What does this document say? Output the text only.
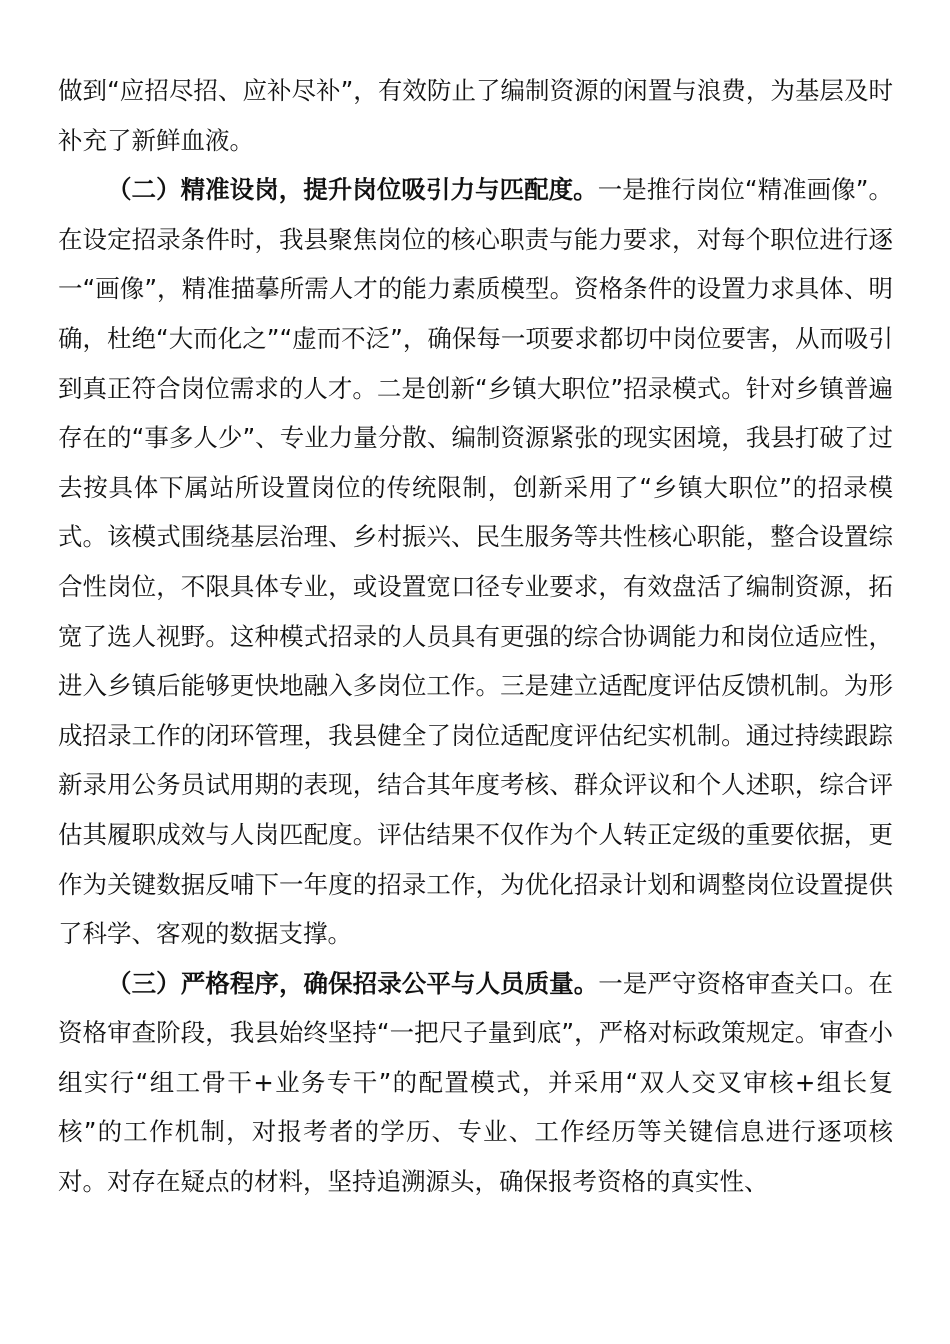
做到“应招尽招、应补尽补”，有效防止了编制资源的闲置与浪费，为基层及时补充了新鲜血液。

（二）精准设岗，提升岗位吸引力与匹配度。一是推行岗位“精准画像”。在设定招录条件时，我县聚焦岗位的核心职责与能力要求，对每个职位进行逐一“画像”，精准描摹所需人才的能力素质模型。资格条件的设置力求具体、明确，杜绝“大而化之”“虚而不泛”，确保每一项要求都切中岗位要害，从而吸引到真正符合岗位需求的人才。二是创新“乡镇大职位”招录模式。针对乡镇普遍存在的“事多人少”、专业力量分散、编制资源紧张的现实困境，我县打破了过去按具体下属站所设置岗位的传统限制，创新采用了“乡镇大职位”的招录模式。该模式围绕基层治理、乡村振兴、民生服务等共性核心职能，整合设置综合性岗位，不限具体专业，或设置宽口径专业要求，有效盘活了编制资源，拓宽了选人视野。这种模式招录的人员具有更强的综合协调能力和岗位适应性，进入乡镇后能够更快地融入多岗位工作。三是建立适配度评估反馈机制。为形成招录工作的闭环管理，我县健全了岗位适配度评估纪实机制。通过持续跟踪新录用公务员试用期的表现，结合其年度考核、群众评议和个人述职，综合评估其履职成效与人岗匹配度。评估结果不仅作为个人转正定级的重要依据，更作为关键数据反哺下一年度的招录工作，为优化招录计划和调整岗位设置提供了科学、客观的数据支撑。

（三）严格程序，确保招录公平与人员质量。一是严守资格审查关口。在资格审查阶段，我县始终坚持“一把尺子量到底”，严格对标政策规定。审查小组实行“组工骨干+业务专干”的配置模式，并采用“双人交叉审核+组长复核”的工作机制，对报考者的学历、专业、工作经历等关键信息进行逐项核对。对存在疑点的材料，坚持追溯源头，确保报考资格的真实性、
